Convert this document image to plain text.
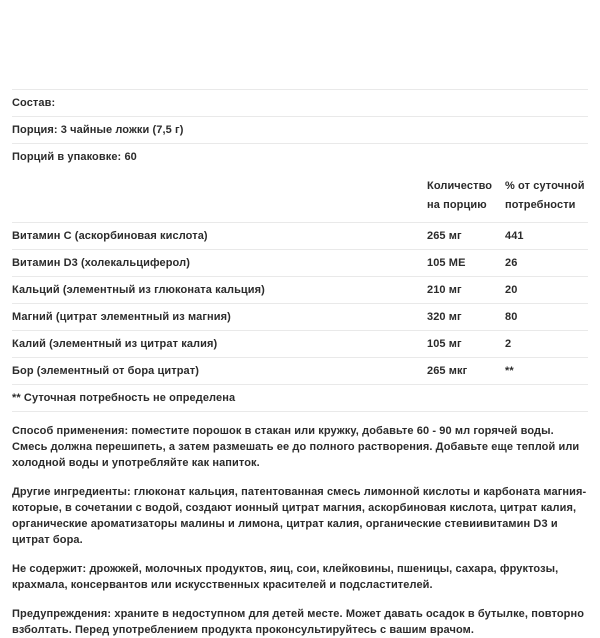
Состав:
Порция: 3 чайные ложки (7,5 г)
Порций в упаковке: 60

Количество
на порцию

% от суточной
потребности

Витамин С (аскорбиновая кислота)	265 мг	441
Витамин D3 (холекальциферол)	105 МЕ	26
Кальций (элементный из глюконата кальция)	210 мг	20
Магний (цитрат элементный из магния)	320 мг	80
Калий (элементный из цитрат калия)	105 мг	2
Бор (элементный от бора цитрат)	265 мкг	**
** Суточная потребность не определена		

Способ применения: поместите порошок в стакан или кружку, добавьте 60 - 90 мл горячей воды. Смесь должна перешипеть, а затем размешать ее до полного растворения. Добавьте еще теплой или холодной воды и употребляйте как напиток.

Другие ингредиенты: глюконат кальция, патентованная смесь лимонной кислоты и карбоната магния-которые, в сочетании с водой, создают ионный цитрат магния, аскорбиновая кислота, цитрат калия, органические ароматизаторы малины и лимона, цитрат калия, органические стевиивитамин D3 и цитрат бора.

Не содержит: дрожжей, молочных продуктов, яиц, сои, клейковины, пшеницы, сахара, фруктозы, крахмала, консервантов или искусственных красителей и подсластителей.

Предупреждения: храните в недоступном для детей месте. Может давать осадок в бутылке, повторно взболтать. Перед употреблением продукта проконсультируйтесь с вашим врачом.
